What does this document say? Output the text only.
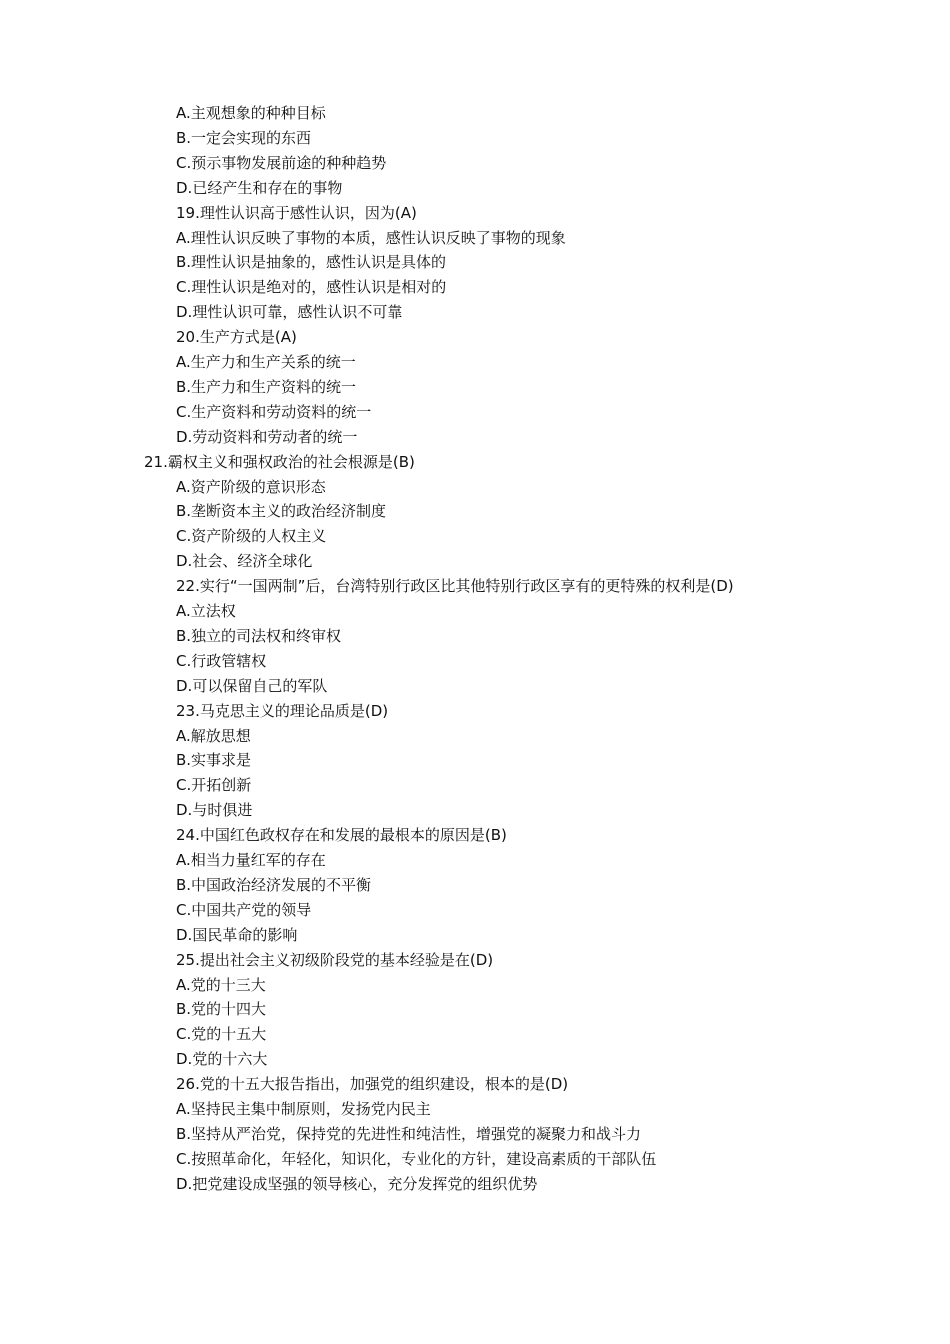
A.主观想象的种种目标
B.一定会实现的东西
C.预示事物发展前途的种种趋势
D.已经产生和存在的事物
19.理性认识高于感性认识，因为(A)
A.理性认识反映了事物的本质，感性认识反映了事物的现象
B.理性认识是抽象的，感性认识是具体的
C.理性认识是绝对的，感性认识是相对的
D.理性认识可靠，感性认识不可靠
20.生产方式是(A)
A.生产力和生产关系的统一
B.生产力和生产资料的统一
C.生产资料和劳动资料的统一
D.劳动资料和劳动者的统一
21.霸权主义和强权政治的社会根源是(B)
A.资产阶级的意识形态
B.垄断资本主义的政治经济制度
C.资产阶级的人权主义
D.社会、经济全球化
22.实行“一国两制”后，台湾特别行政区比其他特别行政区享有的更特殊的权利是(D)
A.立法权
B.独立的司法权和终审权
C.行政管辖权
D.可以保留自己的军队
23.马克思主义的理论品质是(D)
A.解放思想
B.实事求是
C.开拓创新
D.与时俱进
24.中国红色政权存在和发展的最根本的原因是(B)
A.相当力量红军的存在
B.中国政治经济发展的不平衡
C.中国共产党的领导
D.国民革命的影响
25.提出社会主义初级阶段党的基本经验是在(D)
A.党的十三大
B.党的十四大
C.党的十五大
D.党的十六大
26.党的十五大报告指出，加强党的组织建设，根本的是(D)
A.坚持民主集中制原则，发扬党内民主
B.坚持从严治党，保持党的先进性和纯洁性，增强党的凝聚力和战斗力
C.按照革命化，年轻化，知识化，专业化的方针，建设高素质的干部队伍
D.把党建设成坚强的领导核心，充分发挥党的组织优势
